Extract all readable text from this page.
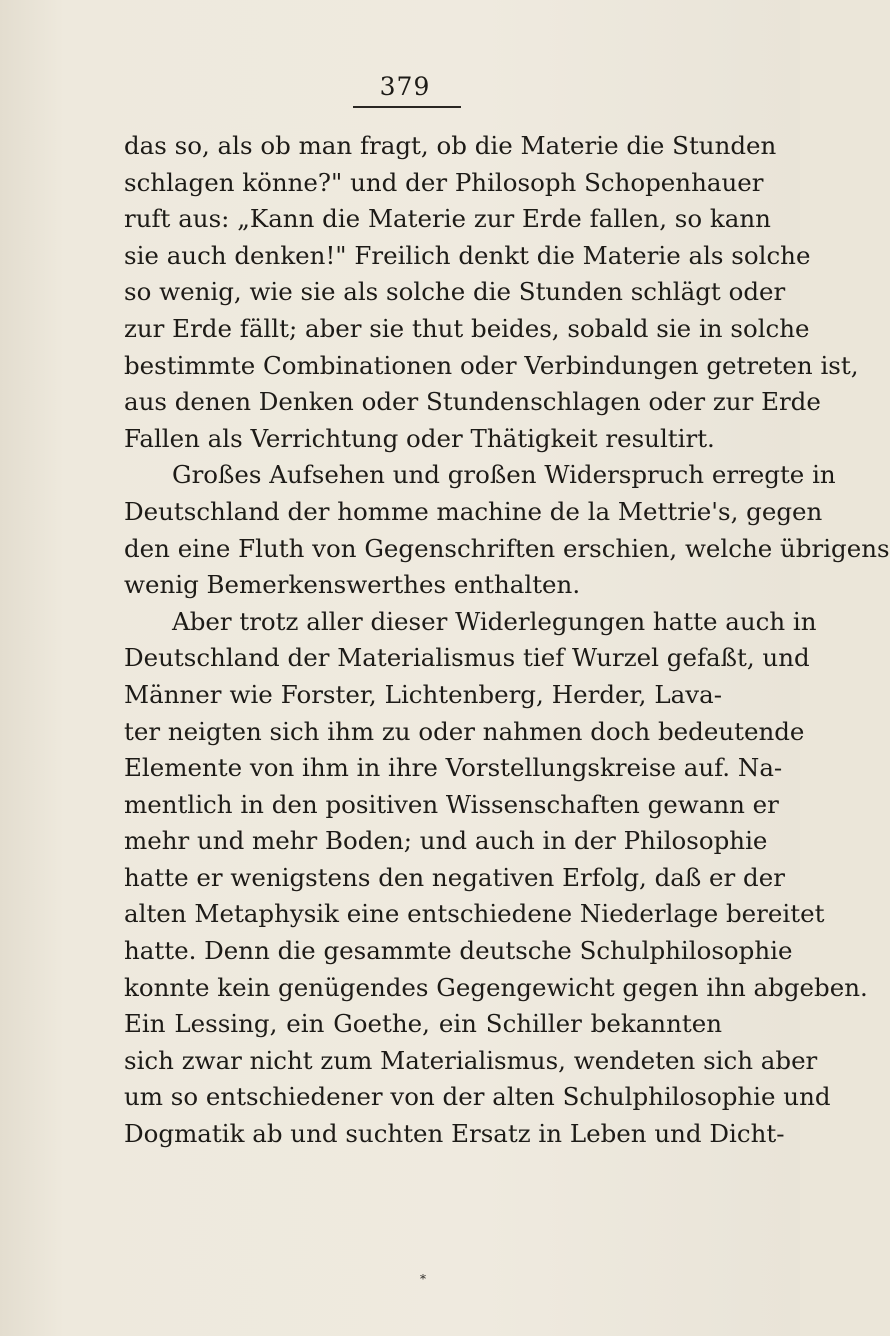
379
das so, als ob man fragt, ob die Materie die Stunden
schlagen könne?" und der Philosoph Schopenhauer
ruft aus: „Kann die Materie zur Erde fallen, so kann
sie auch denken!" Freilich denkt die Materie als solche
so wenig, wie sie als solche die Stunden schlägt oder
zur Erde fällt; aber sie thut beides, sobald sie in solche
bestimmte Combinationen oder Verbindungen getreten ist,
aus denen Denken oder Stundenschlagen oder zur Erde
Fallen als Verrichtung oder Thätigkeit resultirt.
Großes Aufsehen und großen Widerspruch erregte in
Deutschland der homme machine de la Mettrie's, gegen
den eine Fluth von Gegenschriften erschien, welche übrigens
wenig Bemerkenswerthes enthalten.
Aber trotz aller dieser Widerlegungen hatte auch in
Deutschland der Materialismus tief Wurzel gefaßt, und
Männer wie Forster, Lichtenberg, Herder, Lava-
ter neigten sich ihm zu oder nahmen doch bedeutende
Elemente von ihm in ihre Vorstellungskreise auf. Na-
mentlich in den positiven Wissenschaften gewann er
mehr und mehr Boden; und auch in der Philosophie
hatte er wenigstens den negativen Erfolg, daß er der
alten Metaphysik eine entschiedene Niederlage bereitet
hatte. Denn die gesammte deutsche Schulphilosophie
konnte kein genügendes Gegengewicht gegen ihn abgeben.
Ein Lessing, ein Goethe, ein Schiller bekannten
sich zwar nicht zum Materialismus, wendeten sich aber
um so entschiedener von der alten Schulphilosophie und
Dogmatik ab und suchten Ersatz in Leben und Dicht-
*
